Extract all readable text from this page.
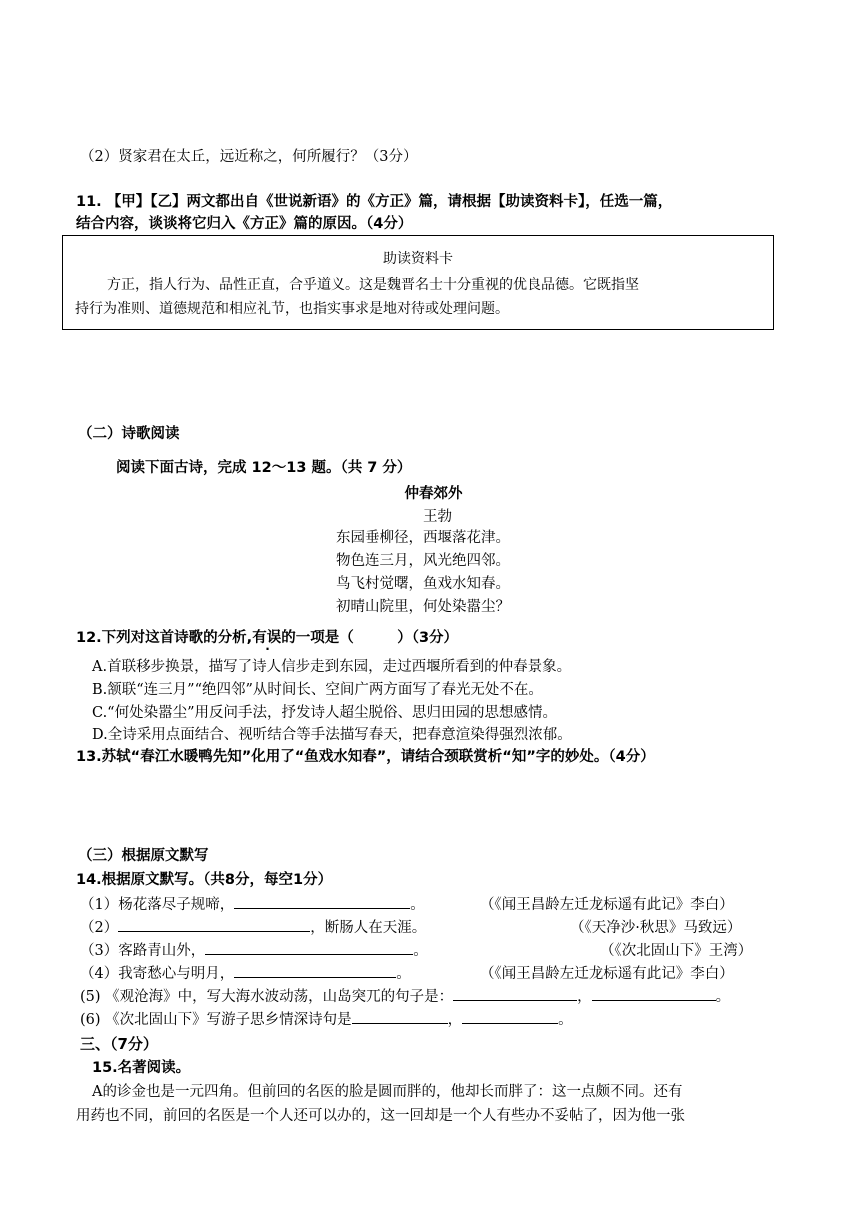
（2）贤家君在太丘，远近称之，何所履行？（3分）
11. 【甲】【乙】两文都出自《世说新语》的《方正》篇，请根据【助读资料卡】，任选一篇，
结合内容，谈谈将它归入《方正》篇的原因。（4分）
助读资料卡
　　方正，指人行为、品性正直，合乎道义。这是魏晋名士十分重视的优良品德。它既指坚
持行为准则、道德规范和相应礼节，也指实事求是地对待或处理问题。
（二）诗歌阅读
阅读下面古诗，完成 12～13 题。（共 7 分）
仲春郊外
王勃
东园垂柳径，西堰落花津。
物色连三月，风光绝四邻。
鸟飞村觉曙，鱼戏水知春。
初晴山院里，何处染嚣尘？
12.下列对这首诗歌的分析,有误的一项是（　　　）（3分）
A.首联移步换景，描写了诗人信步走到东园，走过西堰所看到的仲春景象。
B.颔联“连三月”“绝四邻”从时间长、空间广两方面写了春光无处不在。
C.“何处染嚣尘”用反问手法，抒发诗人超尘脱俗、思归田园的思想感情。
D.全诗采用点面结合、视听结合等手法描写春天，把春意渲染得强烈浓郁。
13.苏轼“春江水暖鸭先知”化用了“鱼戏水知春”，请结合颈联赏析“知”字的妙处。（4分）
（三）根据原文默写
14.根据原文默写。（共8分，每空1分）
（1）杨花落尽子规啼，	。	（《闻王昌龄左迁龙标遥有此记》李白）
（2）	，断肠人在天涯。	（《天净沙·秋思》马致远）
（3）客路青山外，	。	（《次北固山下》王湾）
（4）我寄愁心与明月，	。	（《闻王昌龄左迁龙标遥有此记》李白）
(5) 《观沧海》中，写大海水波动荡，山岛突兀的句子是：	，	。
(6) 《次北固山下》写游子思乡情深诗句是	，	。
三、（7分）
15.名著阅读。
A的诊金也是一元四角。但前回的名医的脸是圆而胖的，他却长而胖了：这一点颇不同。还有
用药也不同，前回的名医是一个人还可以办的，这一回却是一个人有些办不妥帖了，因为他一张
